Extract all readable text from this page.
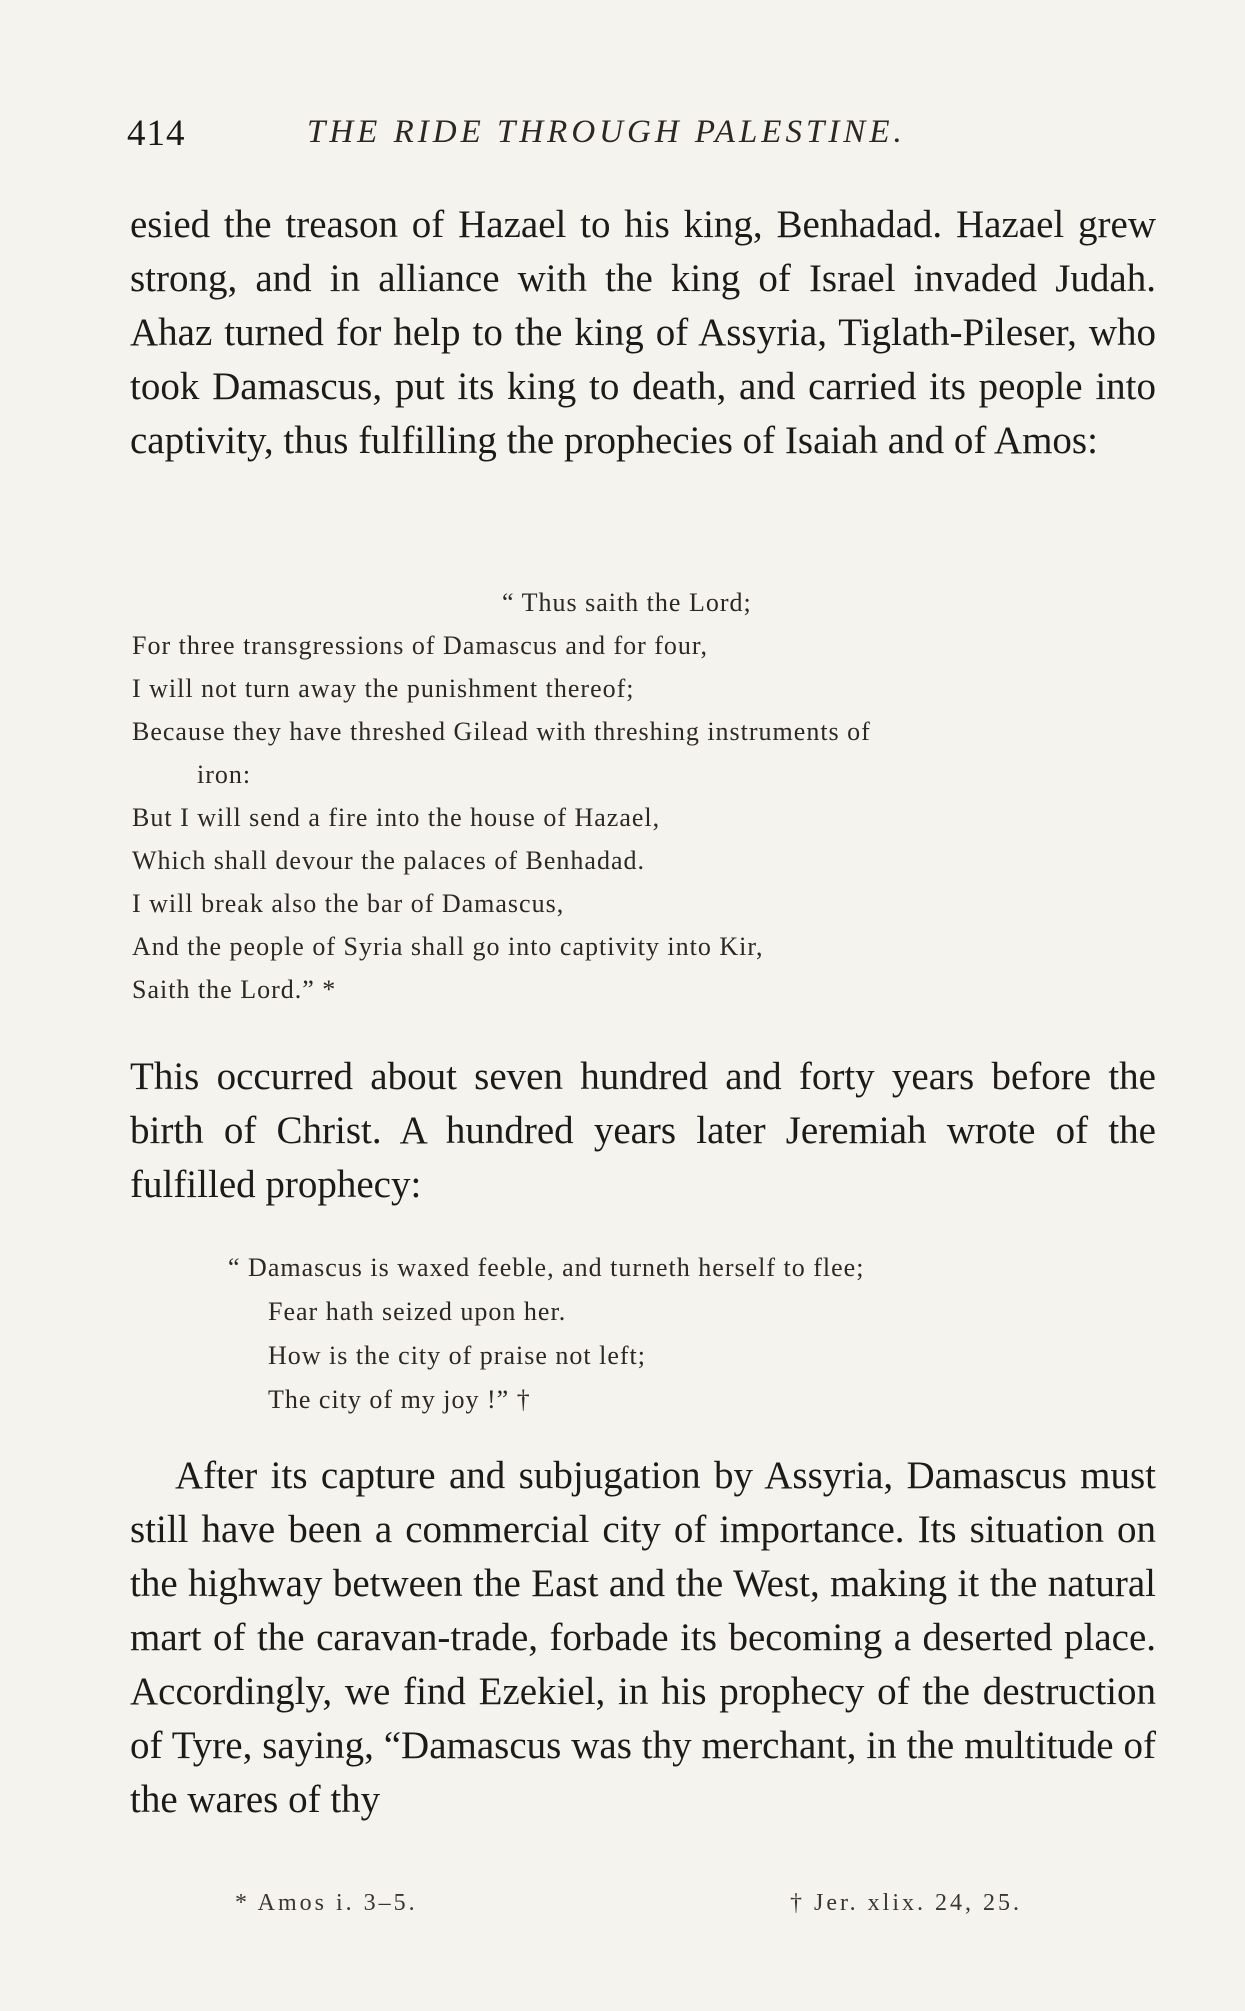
414	THE RIDE THROUGH PALESTINE.

esied the treason of Hazael to his king, Benhadad. Hazael grew strong, and in alliance with the king of Israel invaded Judah. Ahaz turned for help to the king of Assyria, Tiglath-Pileser, who took Damascus, put its king to death, and carried its people into captivity, thus fulfilling the prophecies of Isaiah and of Amos:

“ Thus saith the Lord;
For three transgressions of Damascus and for four,
I will not turn away the punishment thereof;
Because they have threshed Gilead with threshing instruments of
iron:
But I will send a fire into the house of Hazael,
Which shall devour the palaces of Benhadad.
I will break also the bar of Damascus,
And the people of Syria shall go into captivity into Kir,
Saith the Lord.” *

This occurred about seven hundred and forty years before the birth of Christ. A hundred years later Jeremiah wrote of the fulfilled prophecy:

“ Damascus is waxed feeble, and turneth herself to flee;
Fear hath seized upon her.
How is the city of praise not left;
The city of my joy !” †

After its capture and subjugation by Assyria, Damascus must still have been a commercial city of importance. Its situation on the highway between the East and the West, making it the natural mart of the caravan-trade, forbade its becoming a deserted place. Accordingly, we find Ezekiel, in his prophecy of the destruction of Tyre, saying, “Damascus was thy merchant, in the multitude of the wares of thy

* Amos i. 3–5.	† Jer. xlix. 24, 25.
